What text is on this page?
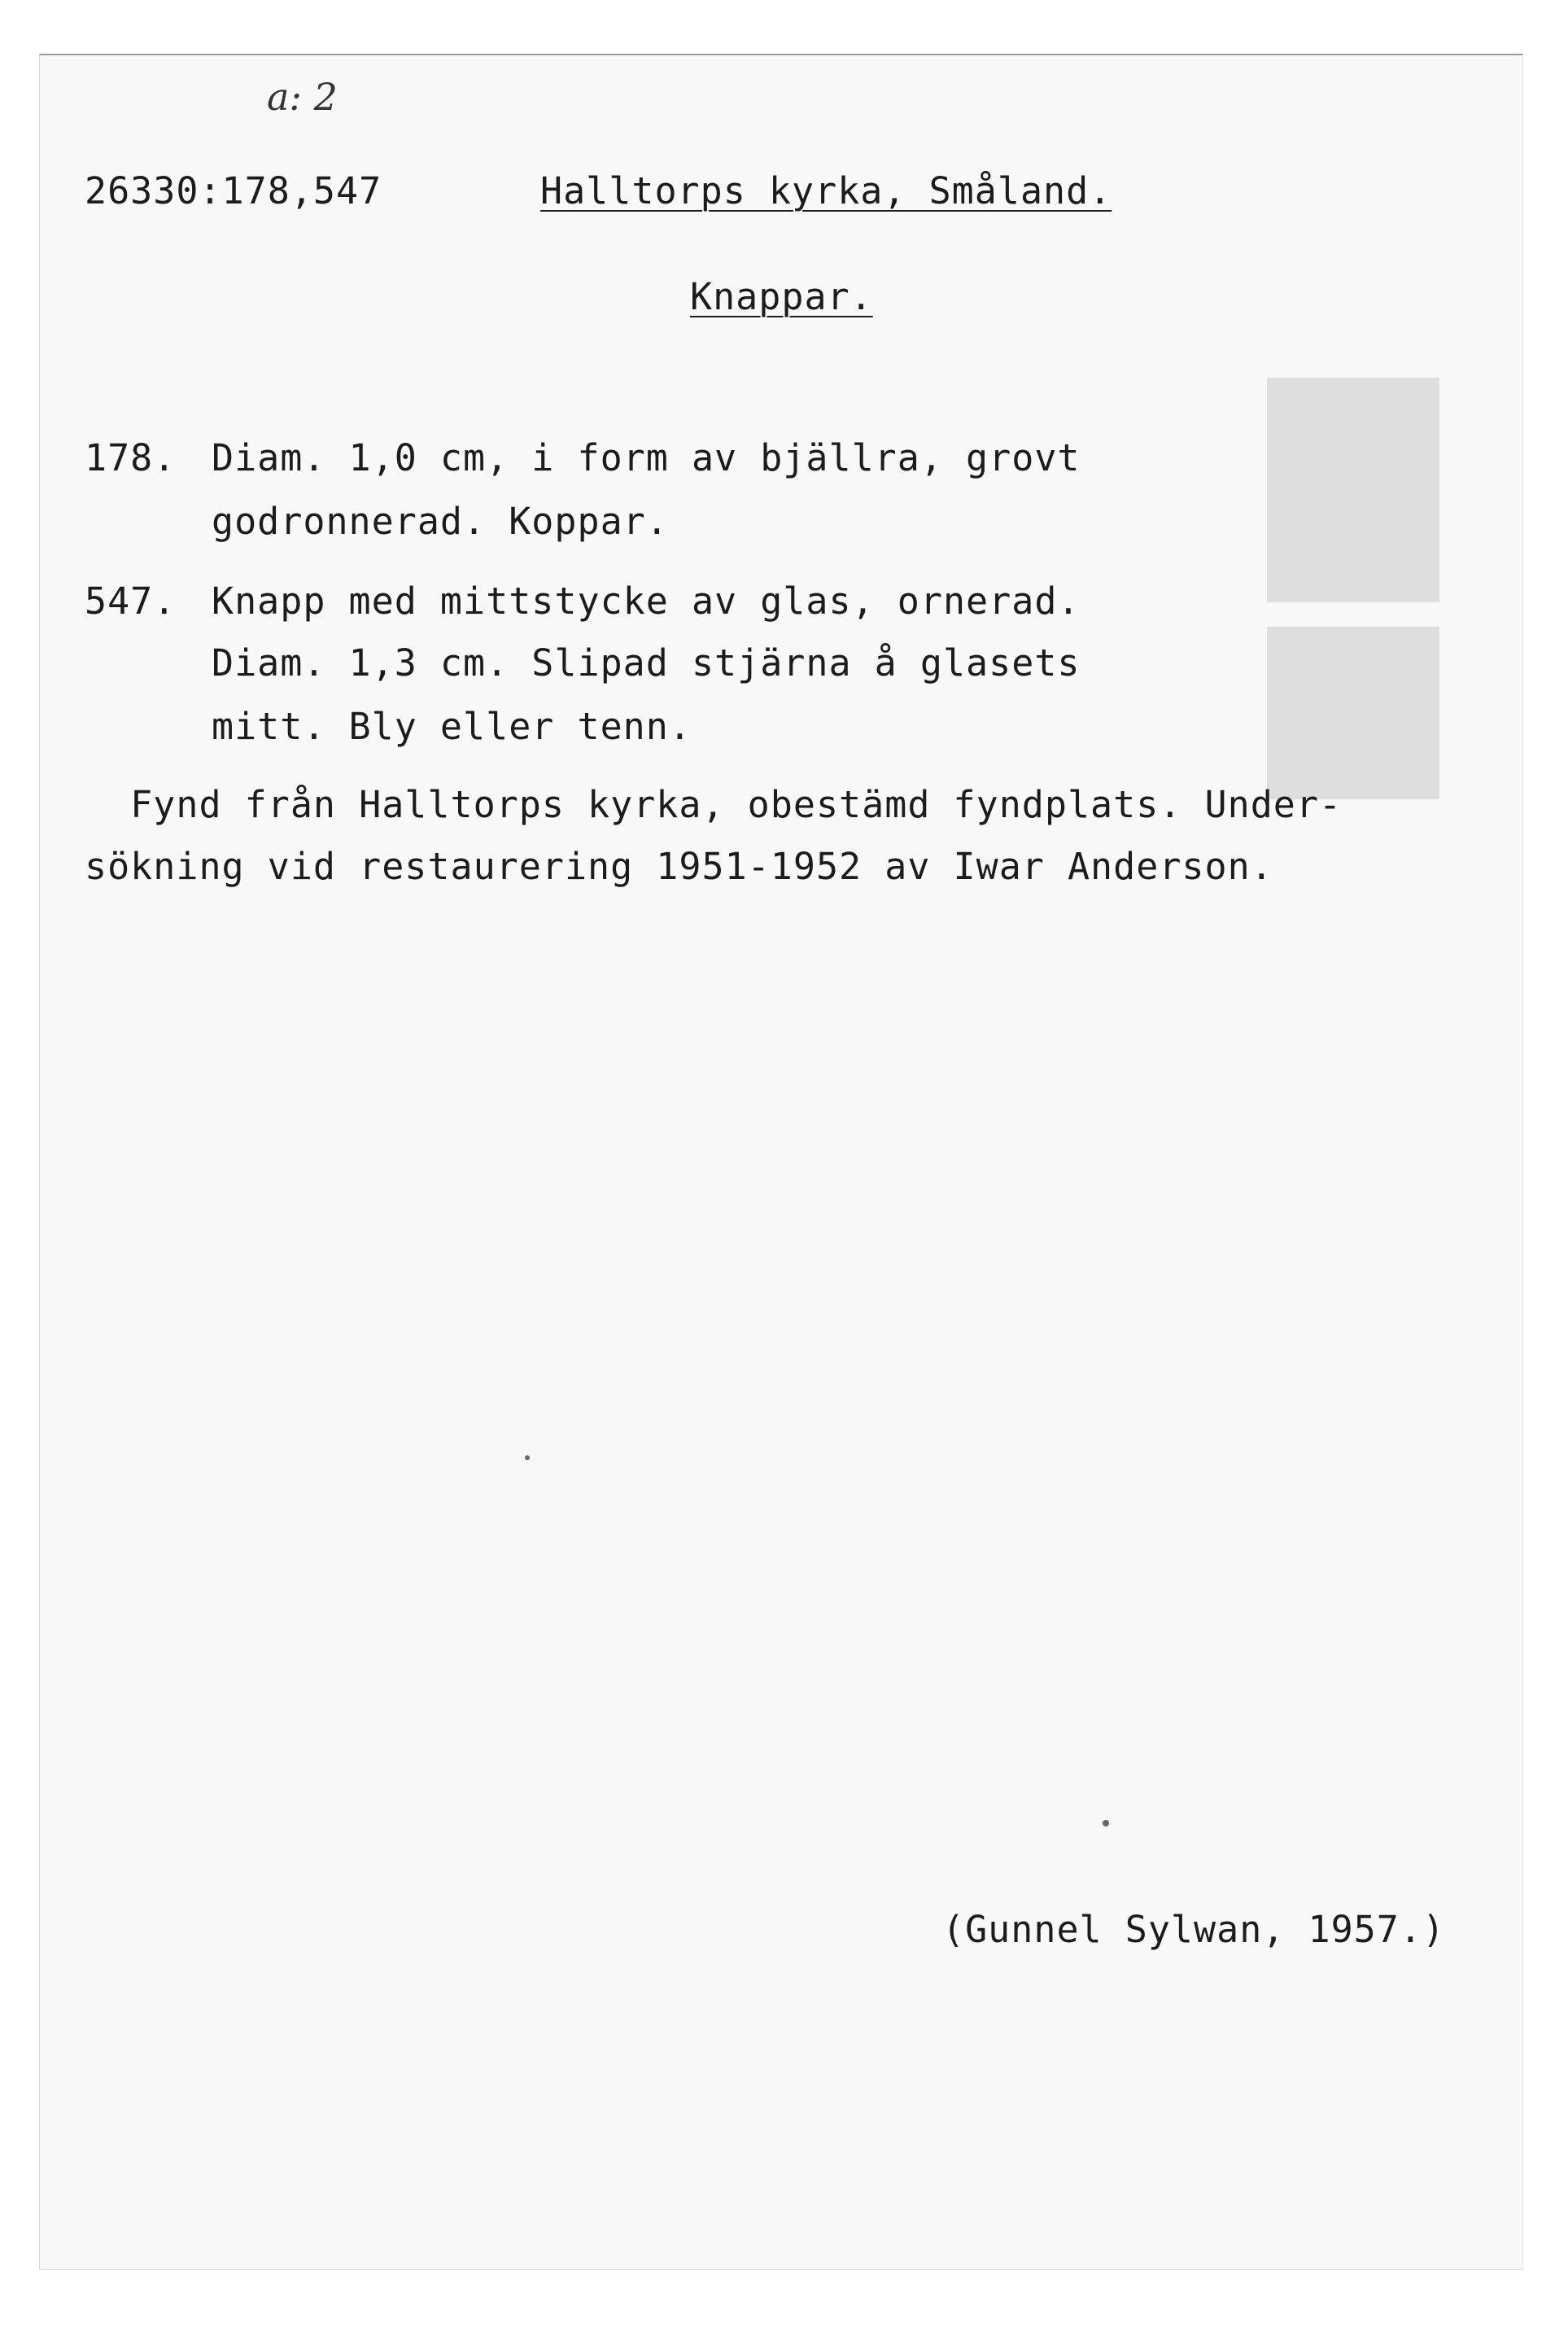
a: 2
26330:178,547	Halltorps kyrka, Småland.
Knappar.
178. Diam. 1,0 cm, i form av bjällra, grovt
godronnerad. Koppar.
547. Knapp med mittstycke av glas, ornerad.
Diam. 1,3 cm. Slipad stjärna å glasets
mitt. Bly eller tenn.
Fynd från Halltorps kyrka, obestämd fyndplats. Under-
sökning vid restaurering 1951-1952 av Iwar Anderson.
(Gunnel Sylwan, 1957.)
